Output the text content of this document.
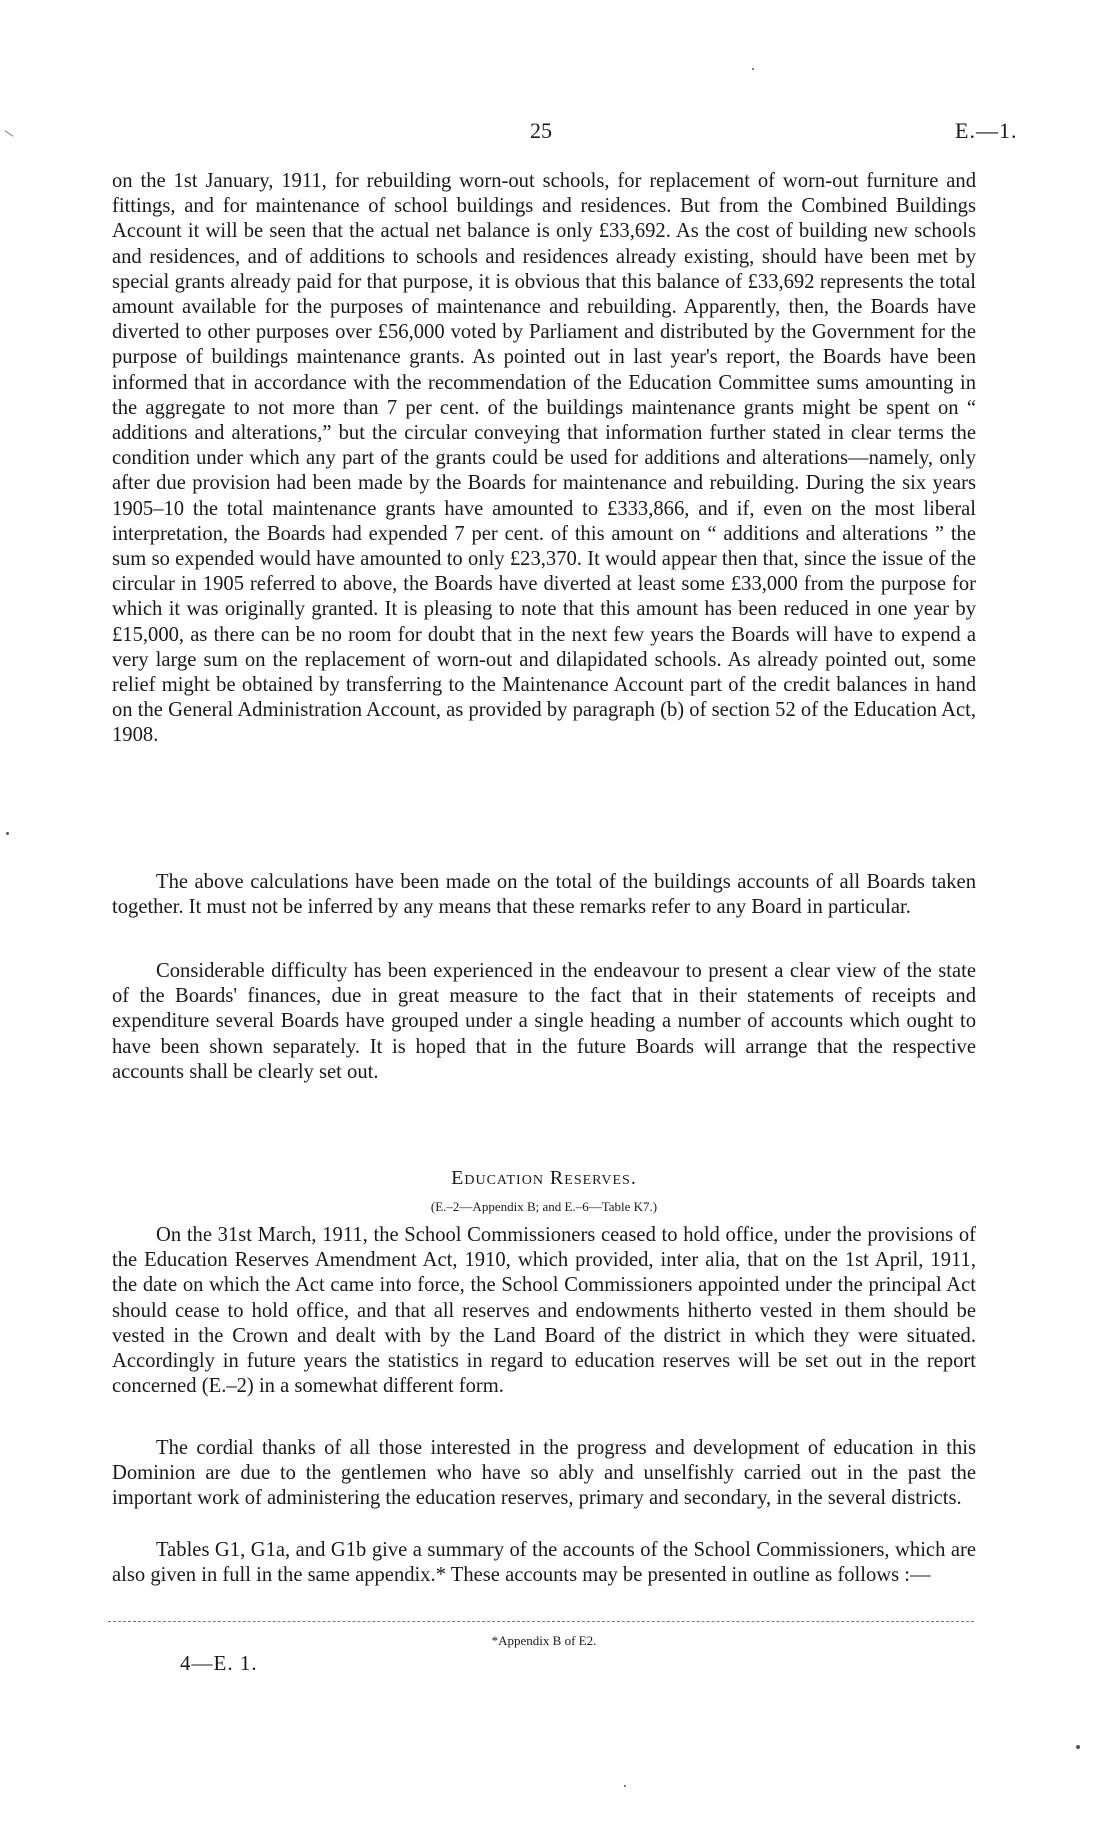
25	E.—1.

on the 1st January, 1911, for rebuilding worn-out schools, for replacement of worn-out furniture and fittings, and for maintenance of school buildings and residences. But from the Combined Buildings Account it will be seen that the actual net balance is only £33,692. As the cost of building new schools and residences, and of additions to schools and residences already existing, should have been met by special grants already paid for that purpose, it is obvious that this balance of £33,692 represents the total amount available for the purposes of maintenance and rebuilding. Apparently, then, the Boards have diverted to other purposes over £56,000 voted by Parliament and distributed by the Government for the purpose of buildings maintenance grants. As pointed out in last year's report, the Boards have been informed that in accordance with the recommendation of the Education Committee sums amounting in the aggregate to not more than 7 per cent. of the buildings maintenance grants might be spent on “ additions and alterations,” but the circular conveying that information further stated in clear terms the condition under which any part of the grants could be used for additions and alterations—namely, only after due provision had been made by the Boards for maintenance and rebuilding. During the six years 1905–10 the total maintenance grants have amounted to £333,866, and if, even on the most liberal interpretation, the Boards had expended 7 per cent. of this amount on “ additions and alterations ” the sum so expended would have amounted to only £23,370. It would appear then that, since the issue of the circular in 1905 referred to above, the Boards have diverted at least some £33,000 from the purpose for which it was originally granted. It is pleasing to note that this amount has been reduced in one year by £15,000, as there can be no room for doubt that in the next few years the Boards will have to expend a very large sum on the replacement of worn-out and dilapidated schools. As already pointed out, some relief might be obtained by transferring to the Maintenance Account part of the credit balances in hand on the General Administration Account, as provided by paragraph (b) of section 52 of the Education Act, 1908.

The above calculations have been made on the total of the buildings accounts of all Boards taken together. It must not be inferred by any means that these remarks refer to any Board in particular.

Considerable difficulty has been experienced in the endeavour to present a clear view of the state of the Boards' finances, due in great measure to the fact that in their statements of receipts and expenditure several Boards have grouped under a single heading a number of accounts which ought to have been shown separately. It is hoped that in the future Boards will arrange that the respective accounts shall be clearly set out.

Education Reserves.

(E.–2—Appendix B; and E.–6—Table K7.)

On the 31st March, 1911, the School Commissioners ceased to hold office, under the provisions of the Education Reserves Amendment Act, 1910, which provided, inter alia, that on the 1st April, 1911, the date on which the Act came into force, the School Commissioners appointed under the principal Act should cease to hold office, and that all reserves and endowments hitherto vested in them should be vested in the Crown and dealt with by the Land Board of the district in which they were situated. Accordingly in future years the statistics in regard to education reserves will be set out in the report concerned (E.–2) in a somewhat different form.

The cordial thanks of all those interested in the progress and development of education in this Dominion are due to the gentlemen who have so ably and unselfishly carried out in the past the important work of administering the education reserves, primary and secondary, in the several districts.

Tables G1, G1a, and G1b give a summary of the accounts of the School Commissioners, which are also given in full in the same appendix.* These accounts may be presented in outline as follows :—

*Appendix B of E2.

4—E. 1.
